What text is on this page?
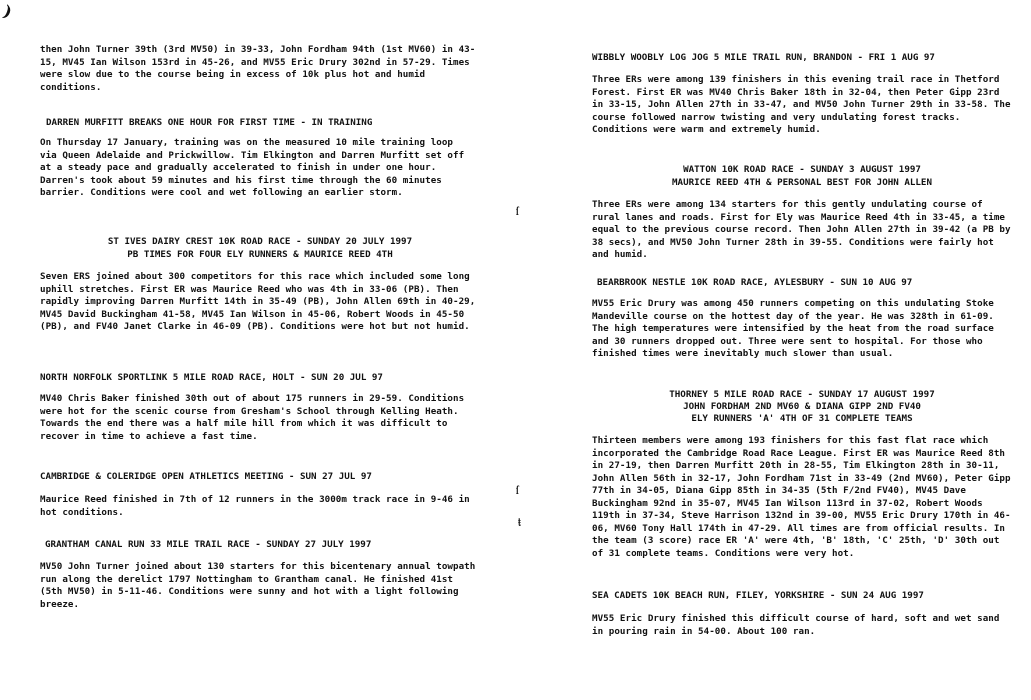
)
ſ
ſ
ŧ

then John Turner 39th (3rd MV50) in 39-33, John Fordham 94th (1st MV60) in 43-15, MV45 Ian Wilson 153rd in 45-26, and MV55 Eric Drury 302nd in 57-29. Times were slow due to the course being in excess of 10k plus hot and humid conditions.

DARREN MURFITT BREAKS ONE HOUR FOR FIRST TIME - IN TRAINING

On Thursday 17 January, training was on the measured 10 mile training loop via Queen Adelaide and Prickwillow. Tim Elkington and Darren Murfitt set off at a steady pace and gradually accelerated to finish in under one hour. Darren's took about 59 minutes and his first time through the 60 minutes barrier. Conditions were cool and wet following an earlier storm.

ST IVES DAIRY CREST 10K ROAD RACE - SUNDAY 20 JULY 1997
PB TIMES FOR FOUR ELY RUNNERS & MAURICE REED 4TH

Seven ERS joined about 300 competitors for this race which included some long uphill stretches. First ER was Maurice Reed who was 4th in 33-06 (PB). Then rapidly improving Darren Murfitt 14th in 35-49 (PB), John Allen 69th in 40-29, MV45 David Buckingham 41-58, MV45 Ian Wilson in 45-06, Robert Woods in 45-50 (PB), and FV40 Janet Clarke in 46-09 (PB). Conditions were hot but not humid.

NORTH NORFOLK SPORTLINK 5 MILE ROAD RACE, HOLT - SUN 20 JUL 97

MV40 Chris Baker finished 30th out of about 175 runners in 29-59. Conditions were hot for the scenic course from Gresham's School through Kelling Heath. Towards the end there was a half mile hill from which it was difficult to recover in time to achieve a fast time.

CAMBRIDGE & COLERIDGE OPEN ATHLETICS MEETING - SUN 27 JUL 97

Maurice Reed finished in 7th of 12 runners in the 3000m track race in 9-46 in hot conditions.

GRANTHAM CANAL RUN 33 MILE TRAIL RACE - SUNDAY 27 JULY 1997

MV50 John Turner joined about 130 starters for this bicentenary annual towpath run along the derelict 1797 Nottingham to Grantham canal. He finished 41st (5th MV50) in 5-11-46. Conditions were sunny and hot with a light following breeze.

WIBBLY WOOBLY LOG JOG 5 MILE TRAIL RUN, BRANDON - FRI 1 AUG 97

Three ERs were among 139 finishers in this evening trail race in Thetford Forest. First ER was MV40 Chris Baker 18th in 32-04, then Peter Gipp 23rd in 33-15, John Allen 27th in 33-47, and MV50 John Turner 29th in 33-58. The course followed narrow twisting and very undulating forest tracks. Conditions were warm and extremely humid.

WATTON 10K ROAD RACE - SUNDAY 3 AUGUST 1997
MAURICE REED 4TH & PERSONAL BEST FOR JOHN ALLEN

Three ERs were among 134 starters for this gently undulating course of rural lanes and roads. First for Ely was Maurice Reed 4th in 33-45, a time equal to the previous course record. Then John Allen 27th in 39-42 (a PB by 38 secs), and MV50 John Turner 28th in 39-55. Conditions were fairly hot and humid.

BEARBROOK NESTLE 10K ROAD RACE, AYLESBURY - SUN 10 AUG 97

MV55 Eric Drury was among 450 runners competing on this undulating Stoke Mandeville course on the hottest day of the year. He was 328th in 61-09. The high temperatures were intensified by the heat from the road surface and 30 runners dropped out. Three were sent to hospital. For those who finished times were inevitably much slower than usual.

THORNEY 5 MILE ROAD RACE - SUNDAY 17 AUGUST 1997
JOHN FORDHAM 2ND MV60 & DIANA GIPP 2ND FV40
ELY RUNNERS 'A' 4TH OF 31 COMPLETE TEAMS

Thirteen members were among 193 finishers for this fast flat race which incorporated the Cambridge Road Race League. First ER was Maurice Reed 8th in 27-19, then Darren Murfitt 20th in 28-55, Tim Elkington 28th in 30-11, John Allen 56th in 32-17, John Fordham 71st in 33-49 (2nd MV60), Peter Gipp 77th in 34-05, Diana Gipp 85th in 34-35 (5th F/2nd FV40), MV45 Dave Buckingham 92nd in 35-07, MV45 Ian Wilson 113rd in 37-02, Robert Woods 119th in 37-34, Steve Harrison 132nd in 39-00, MV55 Eric Drury 170th in 46-06, MV60 Tony Hall 174th in 47-29. All times are from official results. In the team (3 score) race ER 'A' were 4th, 'B' 18th, 'C' 25th, 'D' 30th out of 31 complete teams. Conditions were very hot.

SEA CADETS 10K BEACH RUN, FILEY, YORKSHIRE - SUN 24 AUG 1997

MV55 Eric Drury finished this difficult course of hard, soft and wet sand in pouring rain in 54-00. About 100 ran.
